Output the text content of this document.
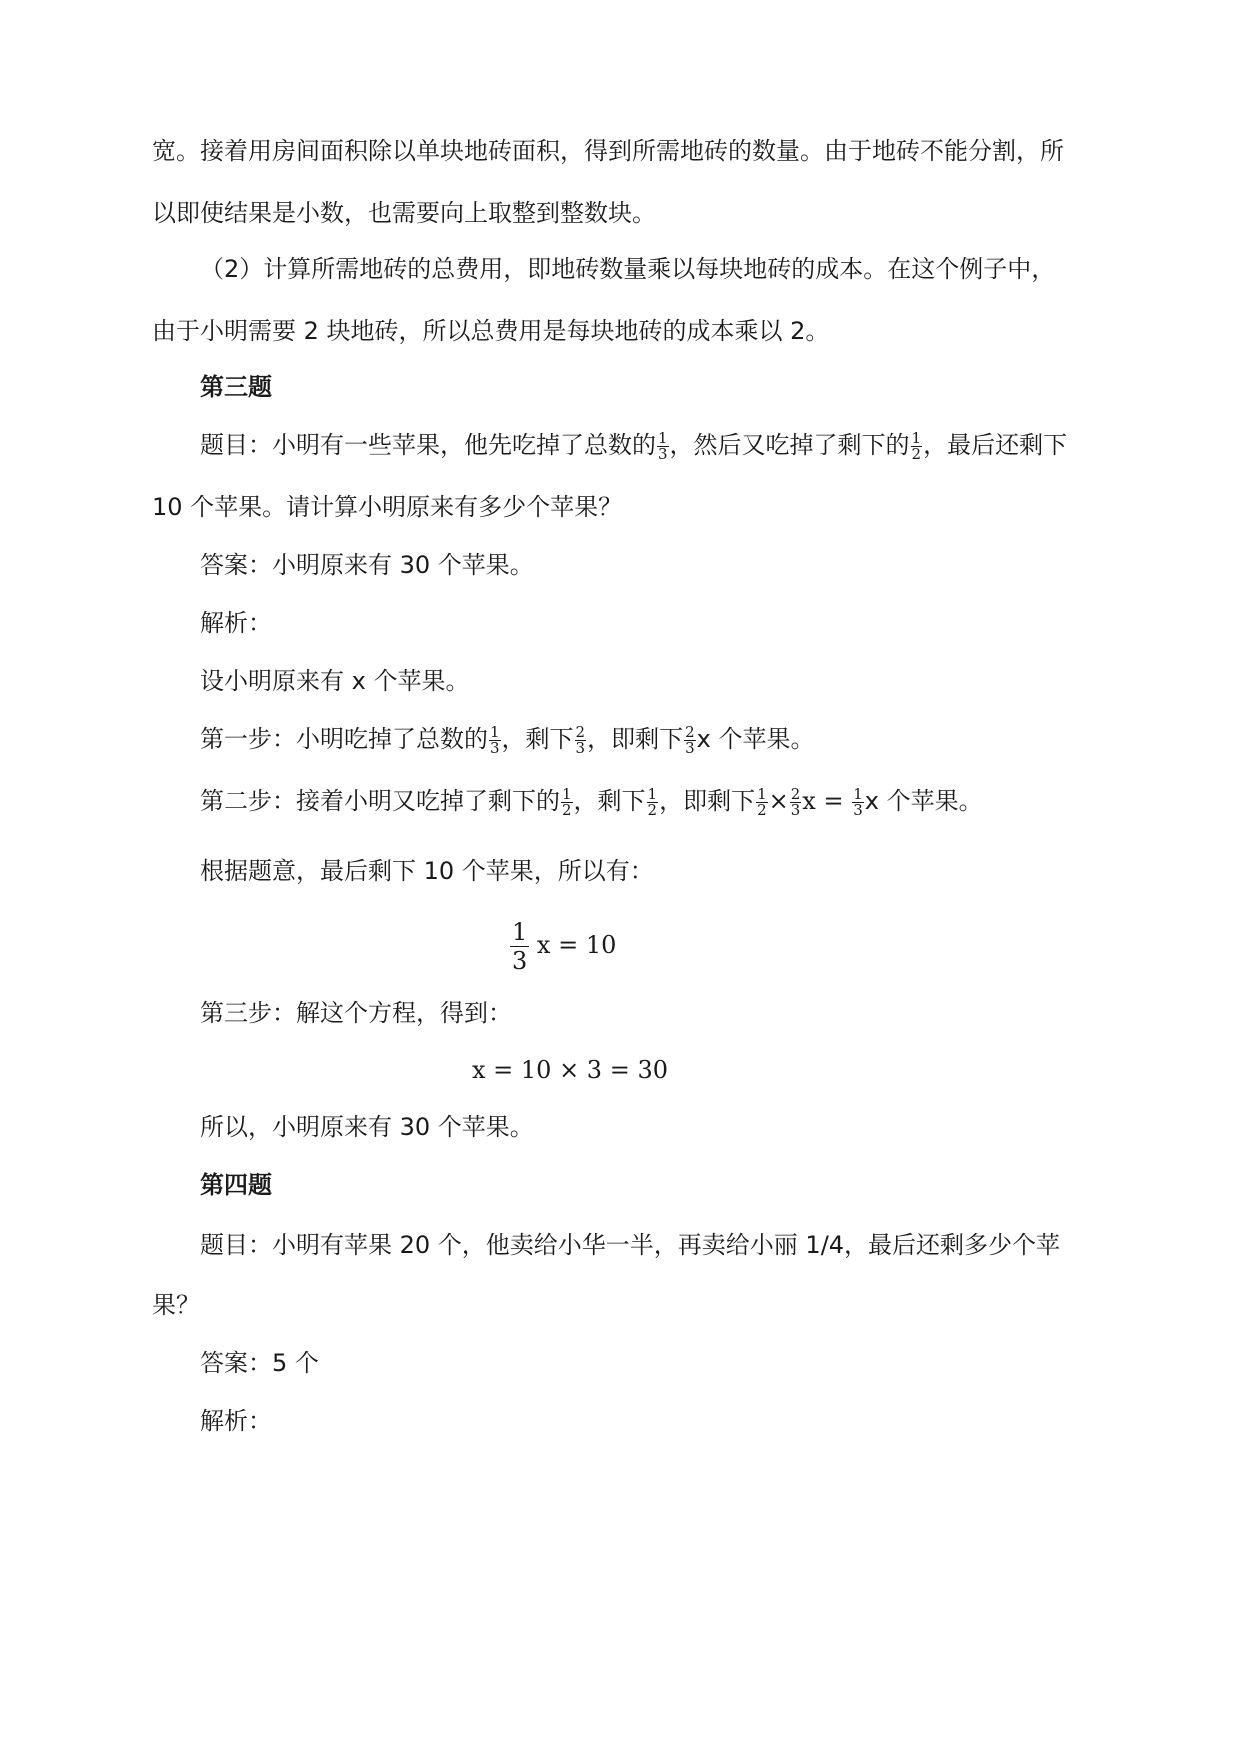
宽。接着用房间面积除以单块地砖面积，得到所需地砖的数量。由于地砖不能分割，所
以即使结果是小数，也需要向上取整到整数块。
（2）计算所需地砖的总费用，即地砖数量乘以每块地砖的成本。在这个例子中，
由于小明需要 2 块地砖，所以总费用是每块地砖的成本乘以 2。
第三题
题目：小明有一些苹果，他先吃掉了总数的 $\frac{1}{3}$ ，然后又吃掉了剩下的 $\frac{1}{2}$ ，最后还剩下
10 个苹果。请计算小明原来有多少个苹果？
答案：小明原来有 30 个苹果。
解析：
设小明原来有 x 个苹果。
第一步：小明吃掉了总数的 $\frac{1}{3}$ ，剩下 $\frac{2}{3}$ ，即剩下 $\frac{2}{3}$ x 个苹果。
第二步：接着小明又吃掉了剩下的 $\frac{1}{2}$ ，剩下 $\frac{1}{2}$ ，即剩下 $\frac{1}{2} \times \frac{2}{3}$ $x = \frac{1}{3}$ x 个苹果。
根据题意，最后剩下 10 个苹果，所以有：
$\frac{1}{3}$ x = 10
第三步：解这个方程，得到：
x = 10 × 3 = 30
所以，小明原来有 30 个苹果。
第四题
题目：小明有苹果 20 个，他卖给小华一半，再卖给小丽 1/4，最后还剩多少个苹
果？
答案：5 个
解析：
